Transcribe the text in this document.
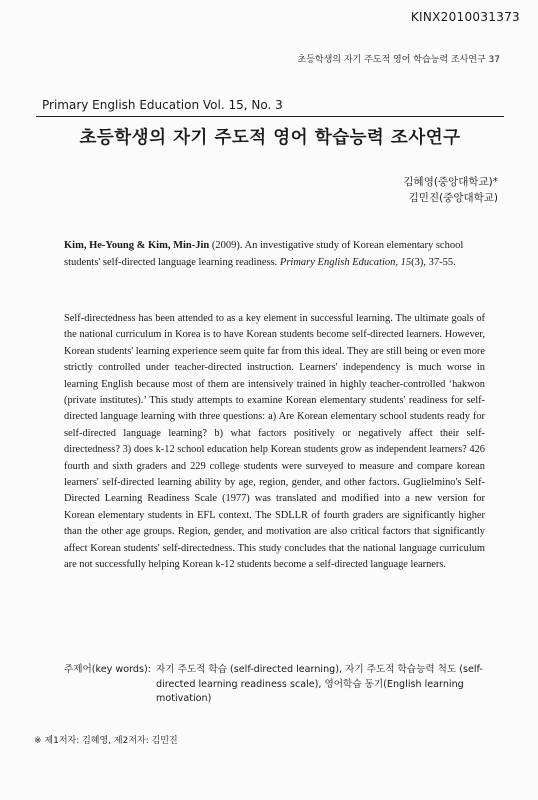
KINX2010031373
초등학생의 자기 주도적 영어 학습능력 조사연구 37
Primary English Education Vol. 15, No. 3
초등학생의 자기 주도적 영어 학습능력 조사연구
김혜영(중앙대학교)*
김민진(중앙대학교)
Kim, He-Young & Kim, Min-Jin (2009). An investigative study of Korean elementary school students' self-directed language learning readiness. Primary English Education, 15(3), 37-55.
Self-directedness has been attended to as a key element in successful learning. The ultimate goals of the national curriculum in Korea is to have Korean students become self-directed learners. However, Korean students' learning experience seem quite far from this ideal. They are still being or even more strictly controlled under teacher-directed instruction. Learners' independency is much worse in learning English because most of them are intensively trained in highly teacher-controlled ‘hakwon (private institutes).’ This study attempts to examine Korean elementary students' readiness for self-directed language learning with three questions: a) Are Korean elementary school students ready for self-directed language learning? b) what factors positively or negatively affect their self-directedness? 3) does k-12 school education help Korean students grow as independent learners? 426 fourth and sixth graders and 229 college students were surveyed to measure and compare korean learners' self-directed learning ability by age, region, gender, and other factors. Guglielmino's Self-Directed Learning Readiness Scale (1977) was translated and modified into a new version for Korean elementary students in EFL context. The SDLLR of fourth graders are significantly higher than the other age groups. Region, gender, and motivation are also critical factors that significantly affect Korean students' self-directedness. This study concludes that the national language curriculum are not successfully helping Korean k-12 students become a self-directed language learners.
주제어(key words): 자기 주도적 학습 (self-directed learning), 자기 주도적 학습능력 척도 (self-directed learning readiness scale), 영어학습 동기(English learning motivation)
※ 제1저자: 김혜영, 제2저자: 김민진
